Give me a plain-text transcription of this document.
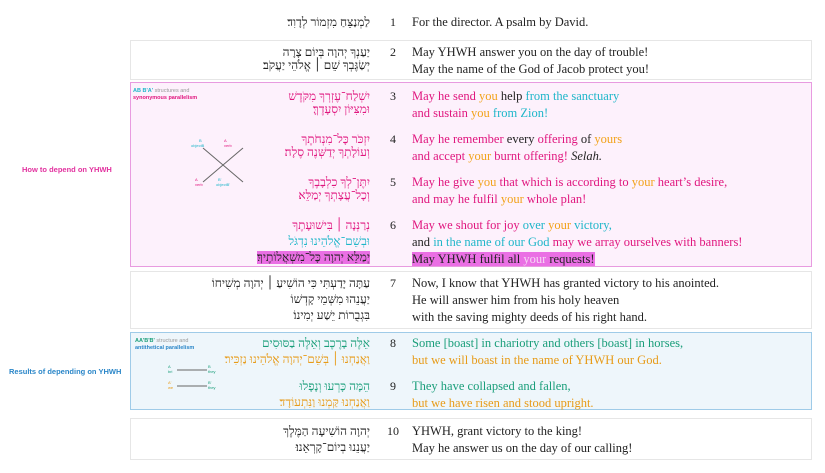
How to depend on YHWH
Results of depending on YHWH
AB B'A' structures and
synonymous parallelism
B
objectB
A
verb
A
verb
B'
objectB'
AA'B'B' structure and
antithetical parallelism
A
bri
B
they
A'
we
B'
they
לַמְנַצֵּחַ מִזְמוֹר לְדָוִד׃	1	For the director. A psalm by David.
יַעַנְךָ יְהוָה בְּיוֹם צָרָה
יְשַׂגֶּבְךָ שֵׁם ׀ אֱלֹהֵי יַעֲקֹב׃
2	May YHWH answer you on the day of trouble!
May the name of the God of Jacob protect you!
יִשְׁלַח־עֶזְרְךָ מִקֹּדֶשׁ
וּמִצִּיּוֹן יִסְעָדֶךָּ׃
3	May he send you help from the sanctuary
and sustain you from Zion!
יִזְכֹּר כָּל־מִנְחֹתֶךָ
וְעוֹלָתְךָ יְדַשְּׁנֶה סֶלָה׃
4	May he remember every offering of yours
and accept your burnt offering! Selah.
יִתֶּן־לְךָ כִלְבָבֶךָ
וְכָל־עֲצָתְךָ יְמַלֵּא׃
5	May he give you that which is according to your heart’s desire,
and may he fulfil your whole plan!
נְרַנְּנָה ׀ בִּישׁוּעָתֶךָ
וּבְשֵׁם־אֱלֹהֵינוּ נִדְגֹּל
יְמַלֵּא יְהוָה כָּל־מִשְׁאֲלוֹתֶיךָ׃
6	May we shout for joy over your victory,
and in the name of our God may we array ourselves with banners!
May YHWH fulfil all your requests!
עַתָּה יָדַעְתִּי כִּי הוֹשִׁיעַ ׀ יְהוָה מְשִׁיחוֹ
יַעֲנֵהוּ מִשְּׁמֵי קָדְשׁוֹ
בִּגְבֻרוֹת יֵשַׁע יְמִינוֹ׃
7	Now, I know that YHWH has granted victory to his anointed.
He will answer him from his holy heaven
with the saving mighty deeds of his right hand.
אֵלֶּה בָרֶכֶב וְאֵלֶּה בַסּוּסִים
וַאֲנַחְנוּ ׀ בְּשֵׁם־יְהוָה אֱלֹהֵינוּ נַזְכִּיר׃
8	Some [boast] in chariotry and others [boast] in horses,
but we will boast in the name of YHWH our God.
הֵמָּה כָּרְעוּ וְנָפָלוּ
וַאֲנַחְנוּ קַּמְנוּ וַנִּתְעוֹדָד׃
9	They have collapsed and fallen,
but we have risen and stood upright.
יְהוָה הוֹשִׁיעָה הַמֶּלֶךְ
יַעֲנֵנוּ בְיוֹם־קָרְאֵנוּ׃
10 YHWH, grant victory to the king!
May he answer us on the day of our calling!
